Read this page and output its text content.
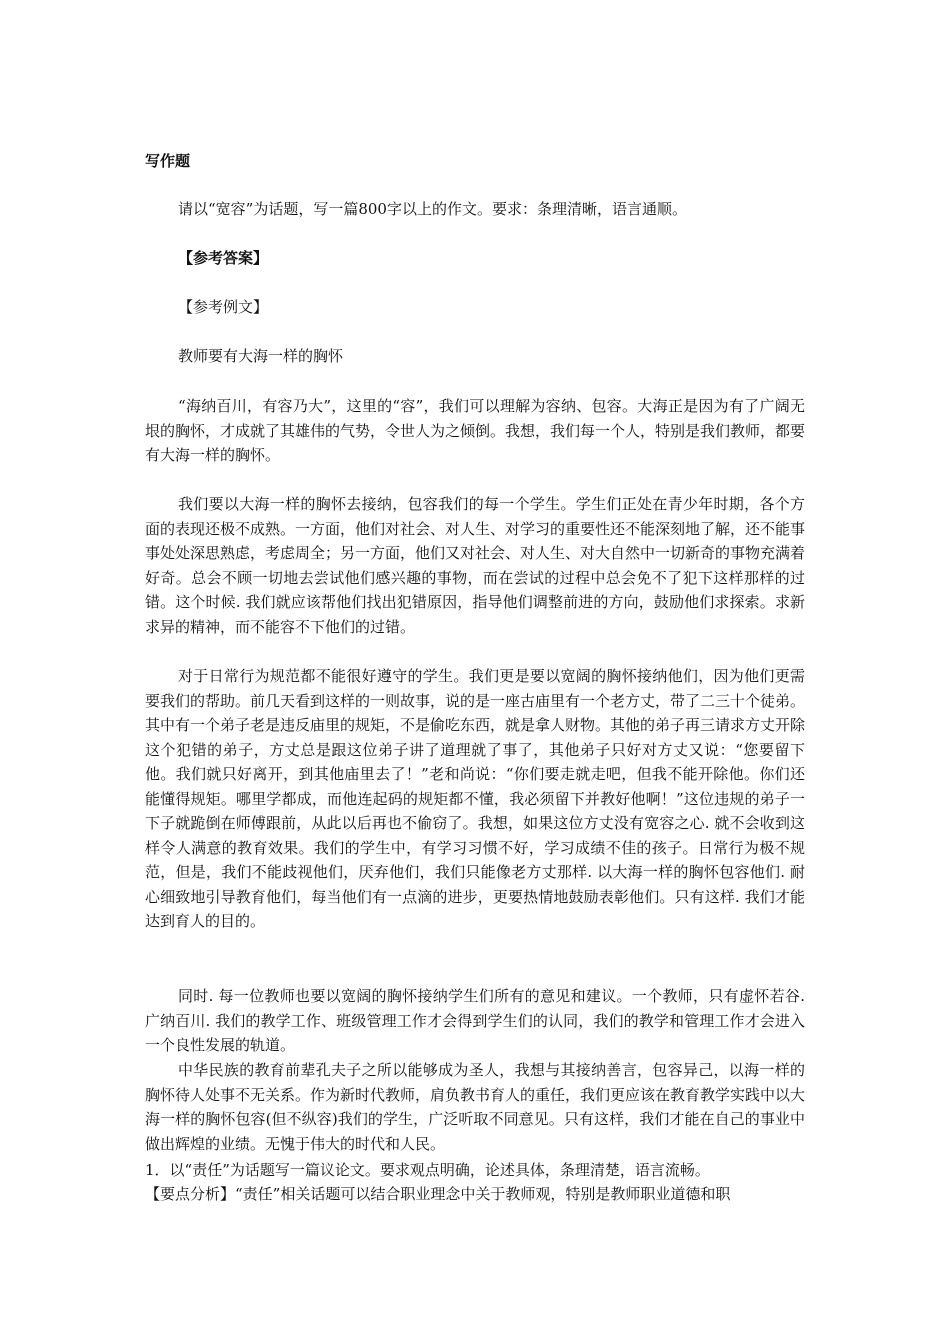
写作题
请以“宽容”为话题，写一篇800字以上的作文。要求：条理清晰，语言通顺。
【参考答案】
【参考例文】
教师要有大海一样的胸怀

“海纳百川，有容乃大”，这里的“容”，我们可以理解为容纳、包容。大海正是因为有了广阔无垠的胸怀，才成就了其雄伟的气势，令世人为之倾倒。我想，我们每一个人，特别是我们教师，都要有大海一样的胸怀。

我们要以大海一样的胸怀去接纳，包容我们的每一个学生。学生们正处在青少年时期，各个方面的表现还极不成熟。一方面，他们对社会、对人生、对学习的重要性还不能深刻地了解，还不能事事处处深思熟虑，考虑周全；另一方面，他们又对社会、对人生、对大自然中一切新奇的事物充满着好奇。总会不顾一切地去尝试他们感兴趣的事物，而在尝试的过程中总会免不了犯下这样那样的过错。这个时候. 我们就应该帮他们找出犯错原因，指导他们调整前进的方向，鼓励他们求探索。求新求异的精神，而不能容不下他们的过错。

对于日常行为规范都不能很好遵守的学生。我们更是要以宽阔的胸怀接纳他们，因为他们更需要我们的帮助。前几天看到这样的一则故事，说的是一座古庙里有一个老方丈，带了二三十个徒弟。其中有一个弟子老是违反庙里的规矩，不是偷吃东西，就是拿人财物。其他的弟子再三请求方丈开除这个犯错的弟子，方丈总是跟这位弟子讲了道理就了事了，其他弟子只好对方丈又说：“您要留下他。我们就只好离开，到其他庙里去了！”老和尚说：“你们要走就走吧，但我不能开除他。你们还能懂得规矩。哪里学都成，而他连起码的规矩都不懂，我必须留下并教好他啊！”这位违规的弟子一下子就跪倒在师傅跟前，从此以后再也不偷窃了。我想，如果这位方丈没有宽容之心. 就不会收到这样令人满意的教育效果。我们的学生中，有学习习惯不好，学习成绩不佳的孩子。日常行为极不规范，但是，我们不能歧视他们，厌弃他们，我们只能像老方丈那样. 以大海一样的胸怀包容他们. 耐心细致地引导教育他们，每当他们有一点滴的进步，更要热情地鼓励表彰他们。只有这样. 我们才能达到育人的目的。

同时. 每一位教师也要以宽阔的胸怀接纳学生们所有的意见和建议。一个教师，只有虚怀若谷. 广纳百川. 我们的教学工作、班级管理工作才会得到学生们的认同，我们的教学和管理工作才会进入一个良性发展的轨道。

中华民族的教育前辈孔夫子之所以能够成为圣人，我想与其接纳善言，包容异己，以海一样的胸怀待人处事不无关系。作为新时代教师，肩负教书育人的重任，我们更应该在教育教学实践中以大海一样的胸怀包容(但不纵容)我们的学生，广泛听取不同意见。只有这样，我们才能在自己的事业中做出辉煌的业绩。无愧于伟大的时代和人民。

1．以“责任”为话题写一篇议论文。要求观点明确，论述具体，条理清楚，语言流畅。

【要点分析】“责任”相关话题可以结合职业理念中关于教师观，特别是教师职业道德和职
